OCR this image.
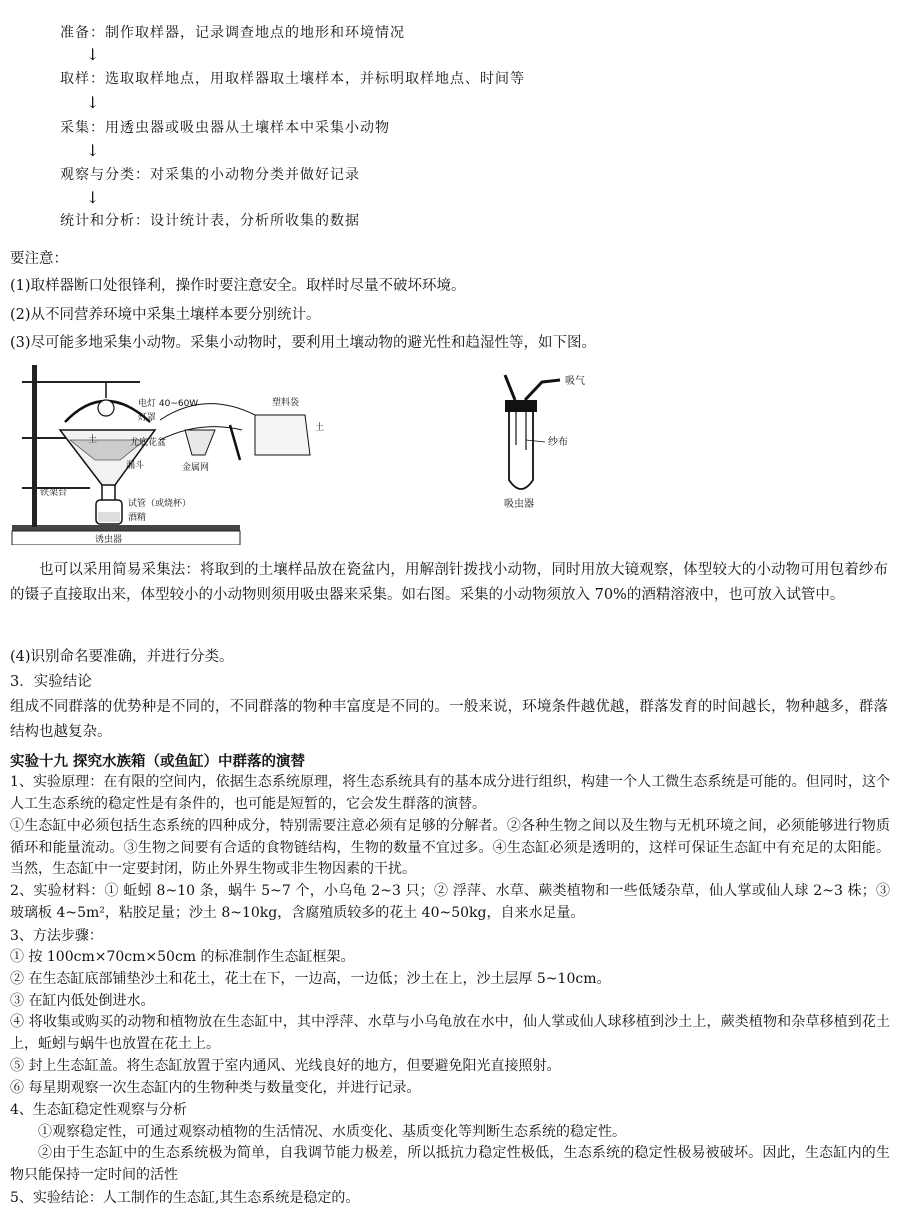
准备：制作取样器，记录调查地点的地形和环境情况
↓
取样：选取取样地点，用取样器取土壤样本，并标明取样地点、时间等
↓
采集：用透虫器或吸虫器从土壤样本中采集小动物
↓
观察与分类：对采集的小动物分类并做好记录
↓
统计和分析：设计统计表，分析所收集的数据
要注意：
(1)取样器断口处很锋利，操作时要注意安全。取样时尽量不破坏环境。
(2)从不同营养环境中采集土壤样本要分别统计。
(3)尽可能多地采集小动物。采集小动物时，要利用土壤动物的避光性和趋湿性等，如下图。
电灯 40~60W
灯罩
塑料袋
土
土	尤底花盆
金属网
漏斗
铁架台
试管（或烧杯）
酒精
诱虫器
吸气
纱布
吸虫器
也可以采用简易采集法：将取到的土壤样品放在瓷盆内，用解剖针拨找小动物，同时用放大镜观察，体型较大的小动物可用包着纱布的镊子直接取出来，体型较小的小动物则须用吸虫器来采集。如右图。采集的小动物须放入 70%的酒精溶液中，也可放入试管中。
(4)识别命名要准确，并进行分类。
3．实验结论
组成不同群落的优势种是不同的，不同群落的物种丰富度是不同的。一般来说，环境条件越优越，群落发育的时间越长，物种越多，群落结构也越复杂。
实验十九 探究水族箱（或鱼缸）中群落的演替
1、实验原理：在有限的空间内，依据生态系统原理，将生态系统具有的基本成分进行组织，构建一个人工微生态系统是可能的。但同时，这个人工生态系统的稳定性是有条件的，也可能是短暂的，它会发生群落的演替。
①生态缸中必须包括生态系统的四种成分，特别需要注意必须有足够的分解者。②各种生物之间以及生物与无机环境之间，必须能够进行物质循环和能量流动。③生物之间要有合适的食物链结构，生物的数量不宜过多。④生态缸必须是透明的，这样可保证生态缸中有充足的太阳能。当然，生态缸中一定要封闭，防止外界生物或非生物因素的干扰。
2、实验材料：① 蚯蚓 8~10 条，蜗牛 5~7 个，小乌龟 2~3 只；② 浮萍、水草、蕨类植物和一些低矮杂草，仙人掌或仙人球 2~3 株；③ 玻璃板 4~5m²，粘胶足量；沙土 8~10kg，含腐殖质较多的花土 40~50kg，自来水足量。
3、方法步骤：
① 按 100cm×70cm×50cm 的标准制作生态缸框架。
② 在生态缸底部铺垫沙土和花土，花土在下，一边高，一边低；沙土在上，沙土层厚 5~10cm。
③ 在缸内低处倒进水。
④ 将收集或购买的动物和植物放在生态缸中，其中浮萍、水草与小乌龟放在水中，仙人掌或仙人球移植到沙土上，蕨类植物和杂草移植到花土上，蚯蚓与蜗牛也放置在花土上。
⑤ 封上生态缸盖。将生态缸放置于室内通风、光线良好的地方，但要避免阳光直接照射。
⑥ 每星期观察一次生态缸内的生物种类与数量变化，并进行记录。
4、生态缸稳定性观察与分析
①观察稳定性，可通过观察动植物的生活情况、水质变化、基质变化等判断生态系统的稳定性。
②由于生态缸中的生态系统极为简单，自我调节能力极差，所以抵抗力稳定性极低，生态系统的稳定性极易被破坏。因此，生态缸内的生物只能保持一定时间的活性
5、实验结论：人工制作的生态缸,其生态系统是稳定的。
